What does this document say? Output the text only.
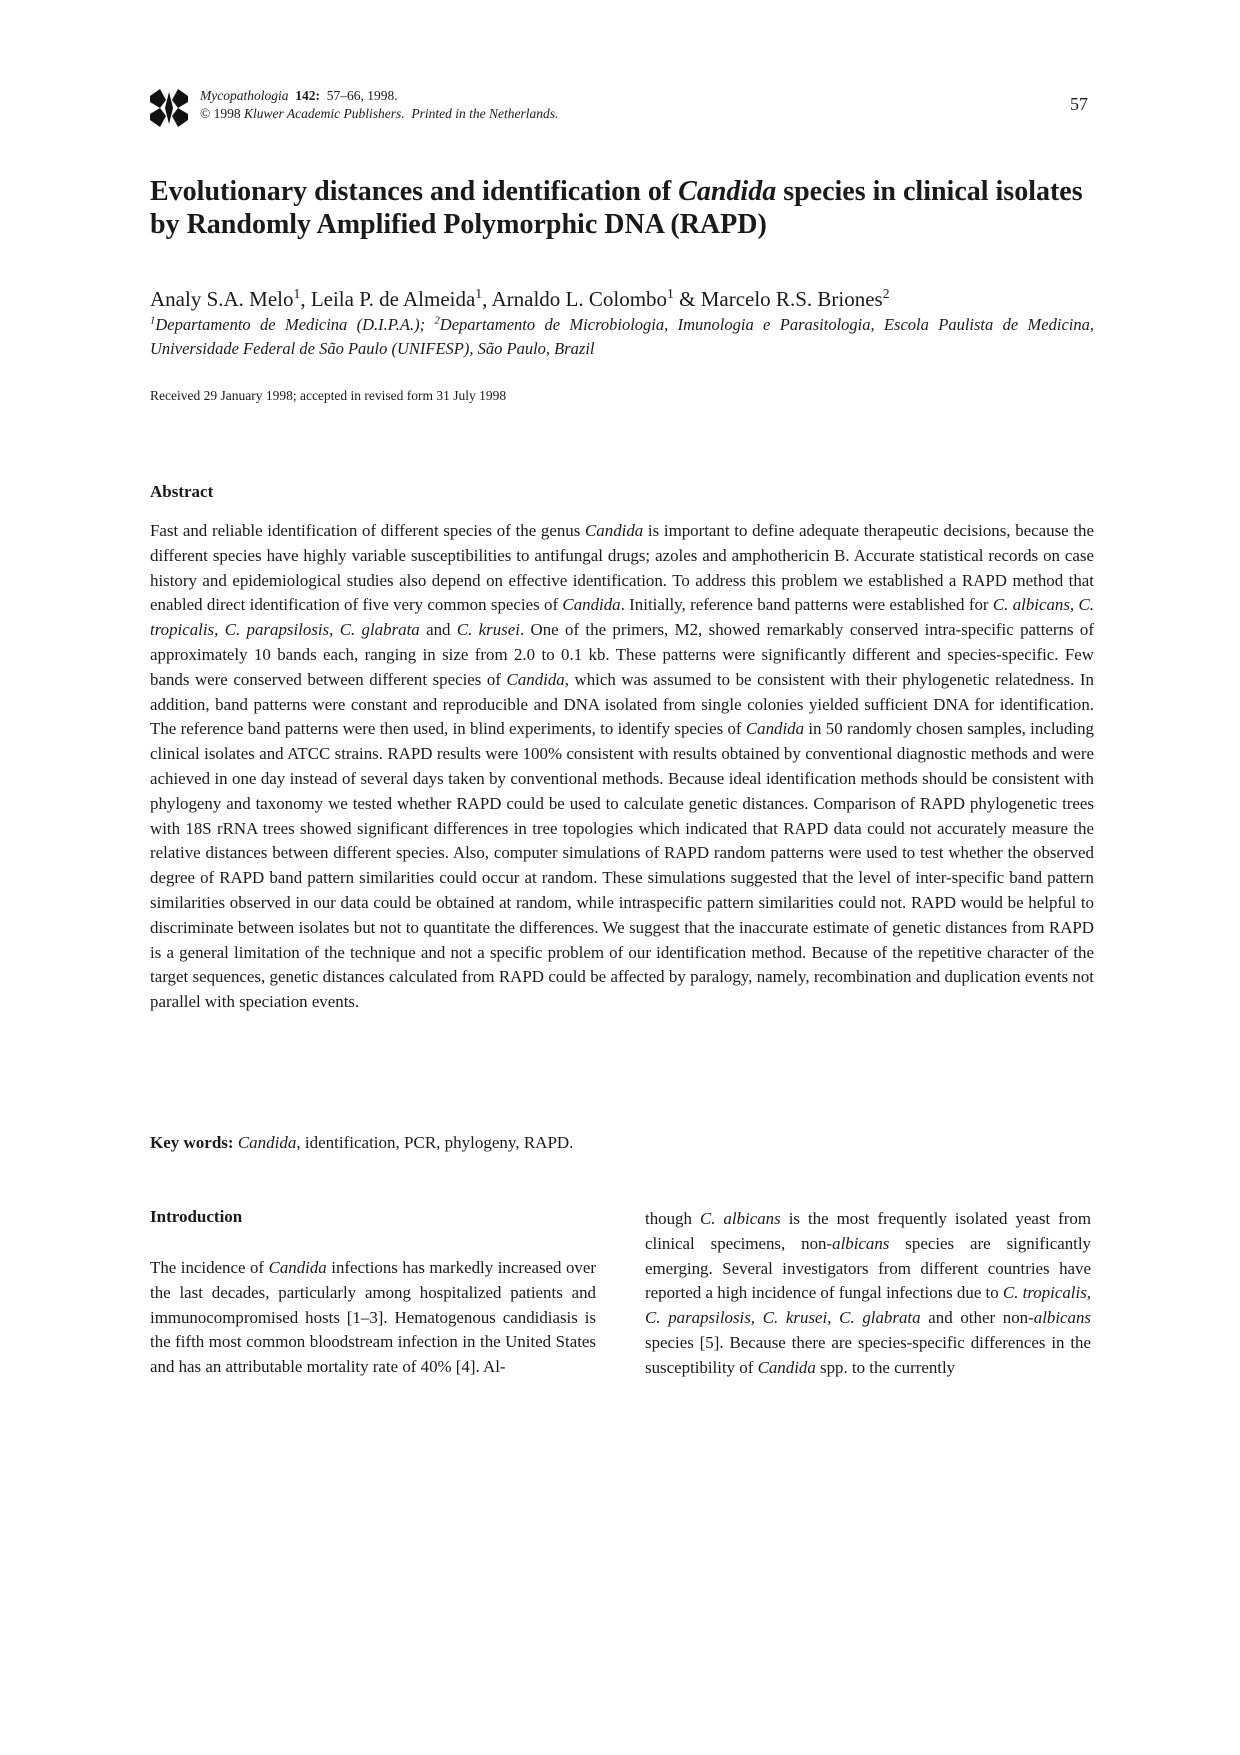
Mycopathologia 142: 57–66, 1998.
© 1998 Kluwer Academic Publishers. Printed in the Netherlands.	57
Evolutionary distances and identification of Candida species in clinical isolates by Randomly Amplified Polymorphic DNA (RAPD)
Analy S.A. Melo$^1$, Leila P. de Almeida$^1$, Arnaldo L. Colombo$^1$ & Marcelo R.S. Briones$^2$
$^1$Departamento de Medicina (D.I.P.A.); $^2$Departamento de Microbiologia, Imunologia e Parasitologia, Escola Paulista de Medicina, Universidade Federal de São Paulo (UNIFESP), São Paulo, Brazil
Received 29 January 1998; accepted in revised form 31 July 1998
Abstract

Fast and reliable identification of different species of the genus Candida is important to define adequate therapeutic decisions, because the different species have highly variable susceptibilities to antifungal drugs; azoles and amphothericin B. Accurate statistical records on case history and epidemiological studies also depend on effective identification. To address this problem we established a RAPD method that enabled direct identification of five very common species of Candida. Initially, reference band patterns were established for C. albicans, C. tropicalis, C. parapsilosis, C. glabrata and C. krusei. One of the primers, M2, showed remarkably conserved intra-specific patterns of approximately 10 bands each, ranging in size from 2.0 to 0.1 kb. These patterns were significantly different and species-specific. Few bands were conserved between different species of Candida, which was assumed to be consistent with their phylogenetic relatedness. In addition, band patterns were constant and reproducible and DNA isolated from single colonies yielded sufficient DNA for identification. The reference band patterns were then used, in blind experiments, to identify species of Candida in 50 randomly chosen samples, including clinical isolates and ATCC strains. RAPD results were 100% consistent with results obtained by conventional diagnostic methods and were achieved in one day instead of several days taken by conventional methods. Because ideal identification methods should be consistent with phylogeny and taxonomy we tested whether RAPD could be used to calculate genetic distances. Comparison of RAPD phylogenetic trees with 18S rRNA trees showed significant differences in tree topologies which indicated that RAPD data could not accurately measure the relative distances between different species. Also, computer simulations of RAPD random patterns were used to test whether the observed degree of RAPD band pattern similarities could occur at random. These simulations suggested that the level of inter-specific band pattern similarities observed in our data could be obtained at random, while intraspecific pattern similarities could not. RAPD would be helpful to discriminate between isolates but not to quantitate the differences. We suggest that the inaccurate estimate of genetic distances from RAPD is a general limitation of the technique and not a specific problem of our identification method. Because of the repetitive character of the target sequences, genetic distances calculated from RAPD could be affected by paralogy, namely, recombination and duplication events not parallel with speciation events.

Key words: Candida, identification, PCR, phylogeny, RAPD.
Introduction

The incidence of Candida infections has markedly increased over the last decades, particularly among hospitalized patients and immunocompromised hosts [1–3]. Hematogenous candidiasis is the fifth most common bloodstream infection in the United States and has an attributable mortality rate of 40% [4]. Al-

though C. albicans is the most frequently isolated yeast from clinical specimens, non-albicans species are significantly emerging. Several investigators from different countries have reported a high incidence of fungal infections due to C. tropicalis, C. parapsilosis, C. krusei, C. glabrata and other non-albicans species [5]. Because there are species-specific differences in the susceptibility of Candida spp. to the currently
